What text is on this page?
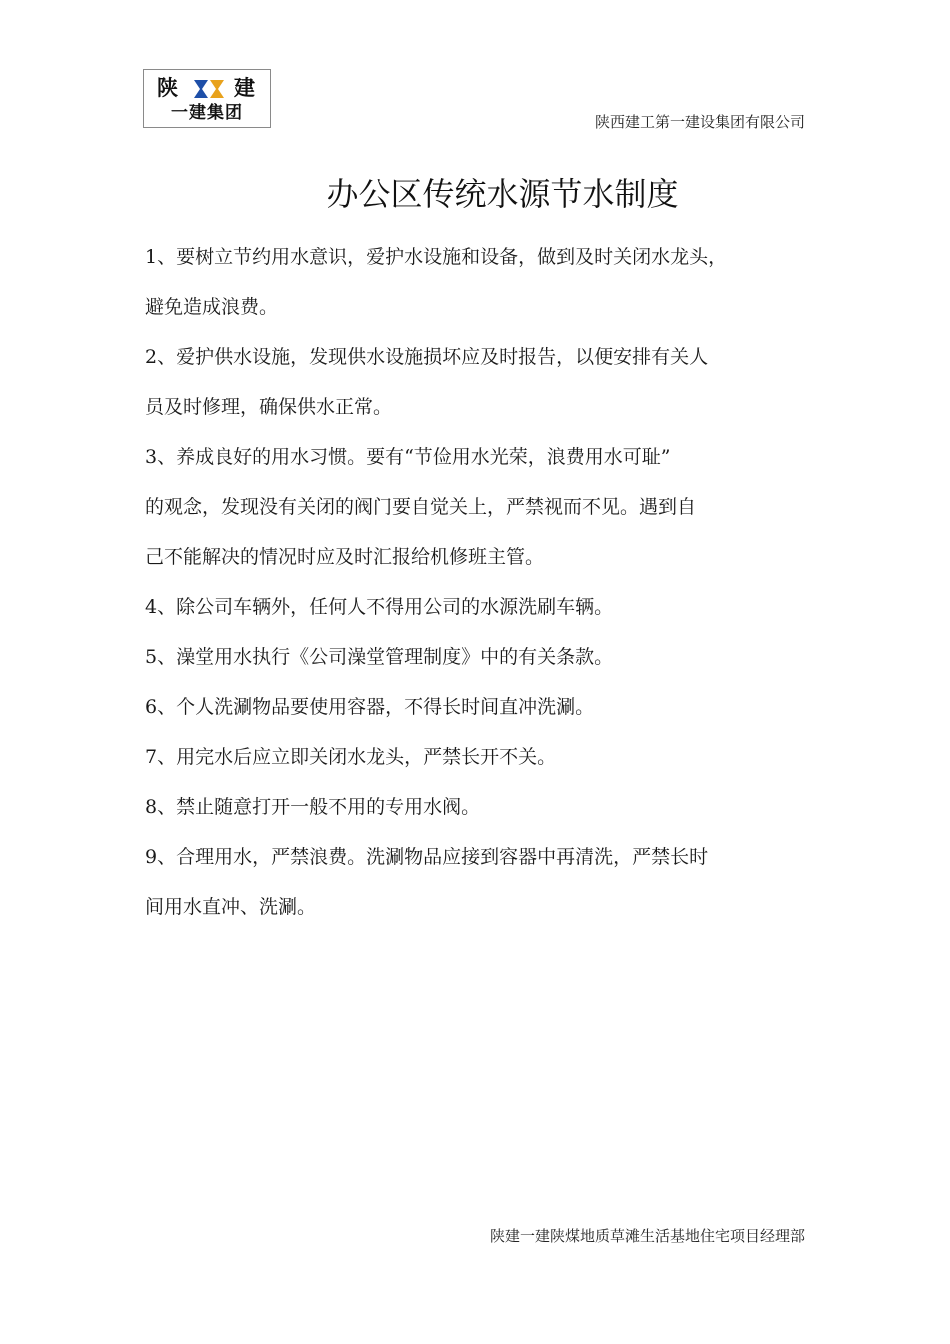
陕	建
一建集团	陕西建工第一建设集团有限公司
办公区传统水源节水制度
1、要树立节约用水意识，爱护水设施和设备，做到及时关闭水龙头，
避免造成浪费。
2、爱护供水设施，发现供水设施损坏应及时报告，以便安排有关人
员及时修理，确保供水正常。
3、养成良好的用水习惯。要有“节俭用水光荣，浪费用水可耻”
的观念，发现没有关闭的阀门要自觉关上，严禁视而不见。遇到自
己不能解决的情况时应及时汇报给机修班主管。
4、除公司车辆外，任何人不得用公司的水源洗刷车辆。
5、澡堂用水执行《公司澡堂管理制度》中的有关条款。
6、个人洗涮物品要使用容器，不得长时间直冲洗涮。
7、用完水后应立即关闭水龙头，严禁长开不关。
8、禁止随意打开一般不用的专用水阀。
9、合理用水，严禁浪费。洗涮物品应接到容器中再清洗，严禁长时
间用水直冲、洗涮。
陕建一建陕煤地质草滩生活基地住宅项目经理部
